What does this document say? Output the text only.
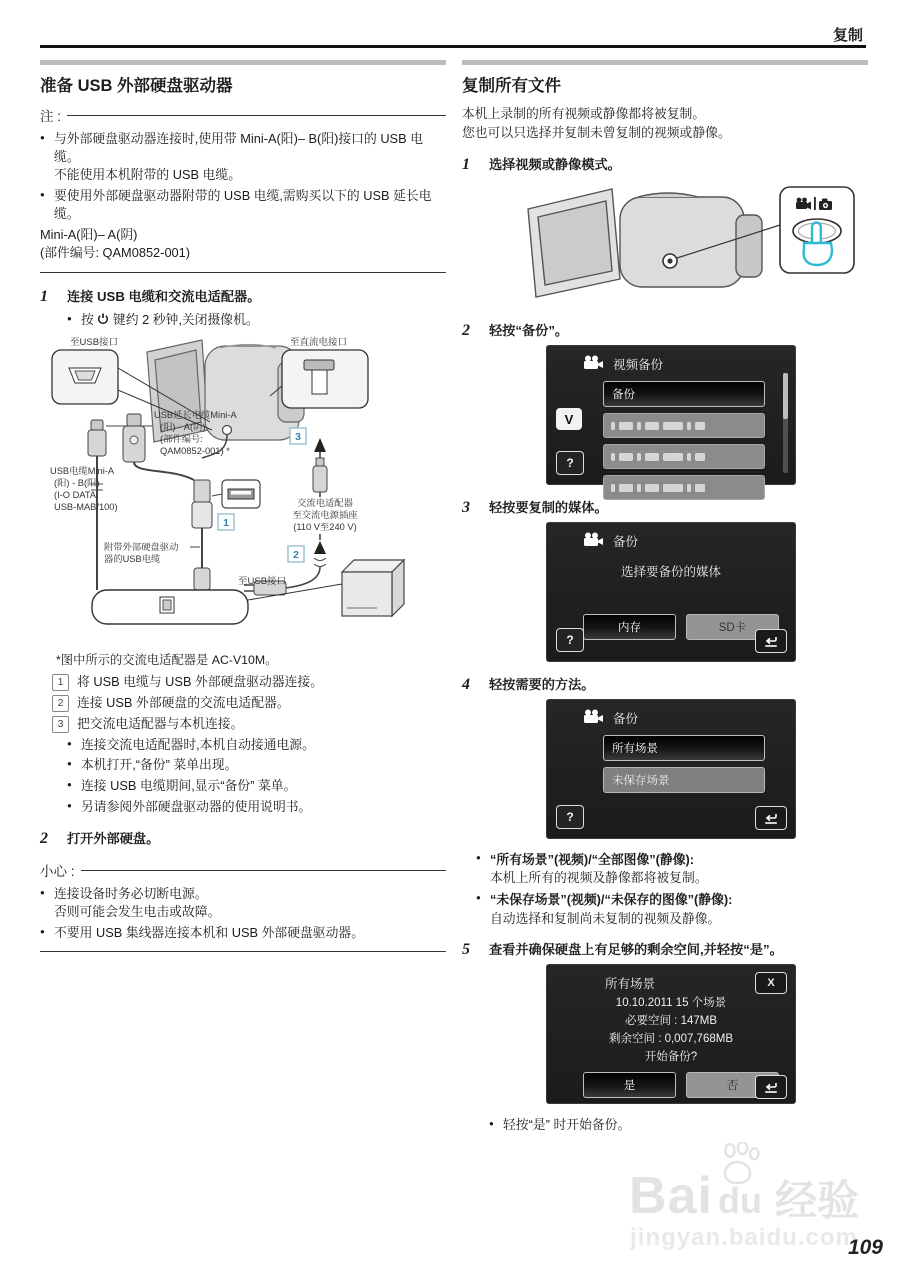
复制
准备 USB 外部硬盘驱动器
注 :
● 与外部硬盘驱动器连接时,使用带 Mini-A(阳)– B(阳)接口的 USB 电缆。
不能使用本机附带的 USB 电缆。
● 要使用外部硬盘驱动器附带的 USB 电缆,需购买以下的 USB 延长电缆。
Mini-A(阳)– A(阴)
(部件编号: QAM0852-001)
1	连接 USB 电缆和交流电适配器。
● 按  键约 2 秒钟,关闭摄像机。
至USB接口	至直流电接口
1
USB延长电缆Mini-A
(阳) - A(阴)
(部件编号:
QAM0852-001) *
USB电缆Mini-A
(阳) - B(阳)
(I-O DATA:
USB-MAB/100)
附带外部硬盘驱动
器的USB电缆
交流电适配器
至交流电源插座
(110 V至240 V)
2
3
至USB接口
*图中所示的交流电适配器是 AC-V10M。
1	将 USB 电缆与 USB 外部硬盘驱动器连接。
2	连接 USB 外部硬盘的交流电适配器。
3	把交流电适配器与本机连接。
● 连接交流电适配器时,本机自动接通电源。
● 本机打开,“备份” 菜单出现。
● 连接 USB 电缆期间,显示“备份” 菜单。
● 另请参阅外部硬盘驱动器的使用说明书。
2	打开外部硬盘。
小心 :
● 连接设备时务必切断电源。
否则可能会发生电击或故障。
● 不要用 USB 集线器连接本机和 USB 外部硬盘驱动器。
复制所有文件
本机上录制的所有视频或静像都将被复制。
您也可以只选择并复制未曾复制的视频或静像。
1	选择视频或静像模式。
2	轻按“备份”。
视频备份
备份
V
?
3	轻按要复制的媒体。
备份
选择要备份的媒体
内存	SD卡
?
4	轻按需要的方法。
备份
所有场景
未保存场景
?
● “所有场景”(视频)/“全部图像”(静像):
本机上所有的视频及静像都将被复制。
● “未保存场景”(视频)/“未保存的图像”(静像):
自动选择和复制尚未复制的视频及静像。
5	查看并确保硬盘上有足够的剩余空间,并轻按“是”。
所有场景	X
10.10.2011 15 个场景
必要空间 : 147MB
剩余空间 : 0,007,768MB
开始备份?
是	否
● 轻按“是” 时开始备份。
Bai du 经验
jingyan.baidu.com
109
